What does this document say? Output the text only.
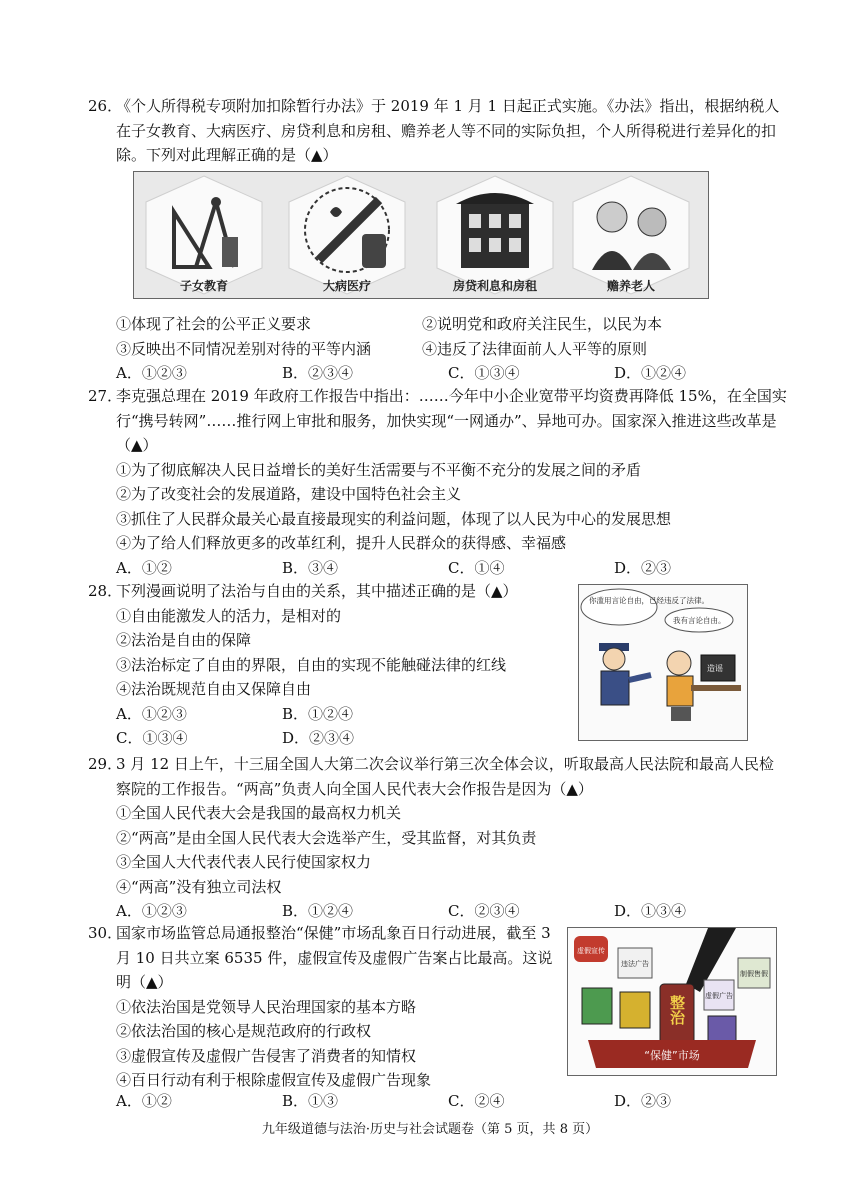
26．《个人所得税专项附加扣除暂行办法》于 2019 年 1 月 1 日起正式实施。《办法》指出，根据纳税人在子女教育、大病医疗、房贷利息和房租、赡养老人等不同的实际负担，个人所得税进行差异化的扣除。下列对此理解正确的是（▲）

子女教育	大病医疗	房贷利息和房租	赡养老人

①体现了社会的公平正义要求	②说明党和政府关注民生，以民为本

③反映出不同情况差别对待的平等内涵	④违反了法律面前人人平等的原则

A．①②③	B．②③④	C．①③④	D．①②④

27．李克强总理在 2019 年政府工作报告中指出：……今年中小企业宽带平均资费再降低 15%，在全国实行“携号转网”……推行网上审批和服务，加快实现“一网通办”、异地可办。国家深入推进这些改革是（▲）

①为了彻底解决人民日益增长的美好生活需要与不平衡不充分的发展之间的矛盾

②为了改变社会的发展道路，建设中国特色社会主义

③抓住了人民群众最关心最直接最现实的利益问题，体现了以人民为中心的发展思想

④为了给人们释放更多的改革红利，提升人民群众的获得感、幸福感

A．①②	B．③④	C．①④	D．②③

28．下列漫画说明了法治与自由的关系，其中描述正确的是（▲）

①自由能激发人的活力，是相对的

②法治是自由的保障

③法治标定了自由的界限，自由的实现不能触碰法律的红线

④法治既规范自由又保障自由

A．①②③	B．①②④

C．①③④	D．②③④

你滥用言论自由，已经违反了法律。
我有言论自由。
造谣

29．3 月 12 日上午，十三届全国人大第二次会议举行第三次全体会议，听取最高人民法院和最高人民检察院的工作报告。“两高”负责人向全国人民代表大会作报告是因为（▲）

①全国人民代表大会是我国的最高权力机关

②“两高”是由全国人民代表大会选举产生，受其监督，对其负责

③全国人大代表代表人民行使国家权力

④“两高”没有独立司法权

A．①②③	B．①②④	C．②③④	D．①③④

30．国家市场监管总局通报整治“保健”市场乱象百日行动进展，截至 3 月 10 日共立案 6535 件，虚假宣传及虚假广告案占比最高。这说明（▲）

①依法治国是党领导人民治理国家的基本方略

②依法治国的核心是规范政府的行政权

③虚假宣传及虚假广告侵害了消费者的知情权

④百日行动有利于根除虚假宣传及虚假广告现象

A．①②	B．①③	C．②④	D．②③

整治
虚假宣传
违法广告
虚假广告
制假售假
“保健”市场
九年级道德与法治·历史与社会试题卷（第 5 页，共 8 页）
